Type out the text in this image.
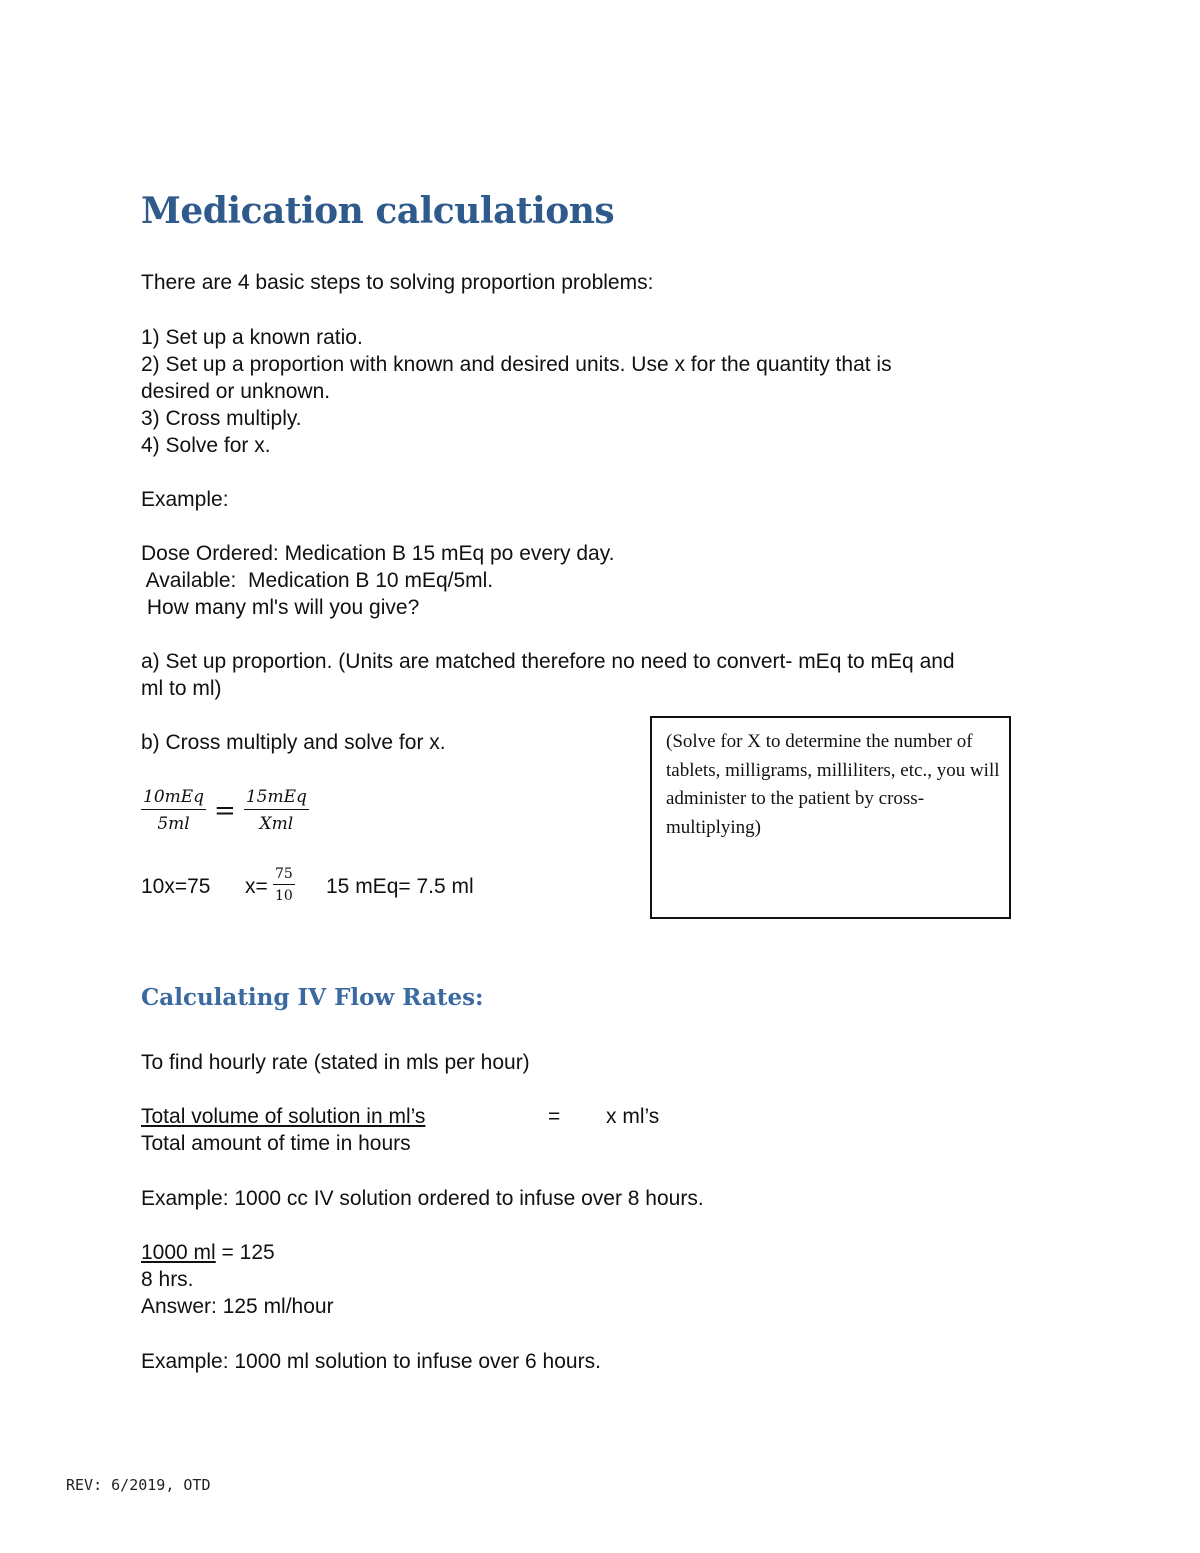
Medication calculations
There are 4 basic steps to solving proportion problems:
1) Set up a known ratio.
2) Set up a proportion with known and desired units. Use x for the quantity that is
desired or unknown.
3) Cross multiply.
4) Solve for x.
Example:
Dose Ordered: Medication B 15 mEq po every day.
Available:  Medication B 10 mEq/5ml.
How many ml's will you give?
a) Set up proportion. (Units are matched therefore no need to convert- mEq to mEq and
ml to ml)
b) Cross multiply and solve for x.
$\frac{\text{10mEq}}{5ml} = \frac{\text{15mEq}}{\text{Xml}}$
10x=75 $x= \frac{75}{10} 15$ mEq= 7.5 ml
(Solve for X to determine the number of tablets, milligrams, milliliters, etc., you will administer to the patient by cross- multiplying)
Calculating IV Flow Rates:
To find hourly rate (stated in mls per hour)
Total volume of solution in ml’s	= x ml’s
Total amount of time in hours
Example: 1000 cc IV solution ordered to infuse over 8 hours.
1000 ml = 125
8 hrs.
Answer: 125 ml/hour
Example: 1000 ml solution to infuse over 6 hours.
REV: 6/2019, OTD
